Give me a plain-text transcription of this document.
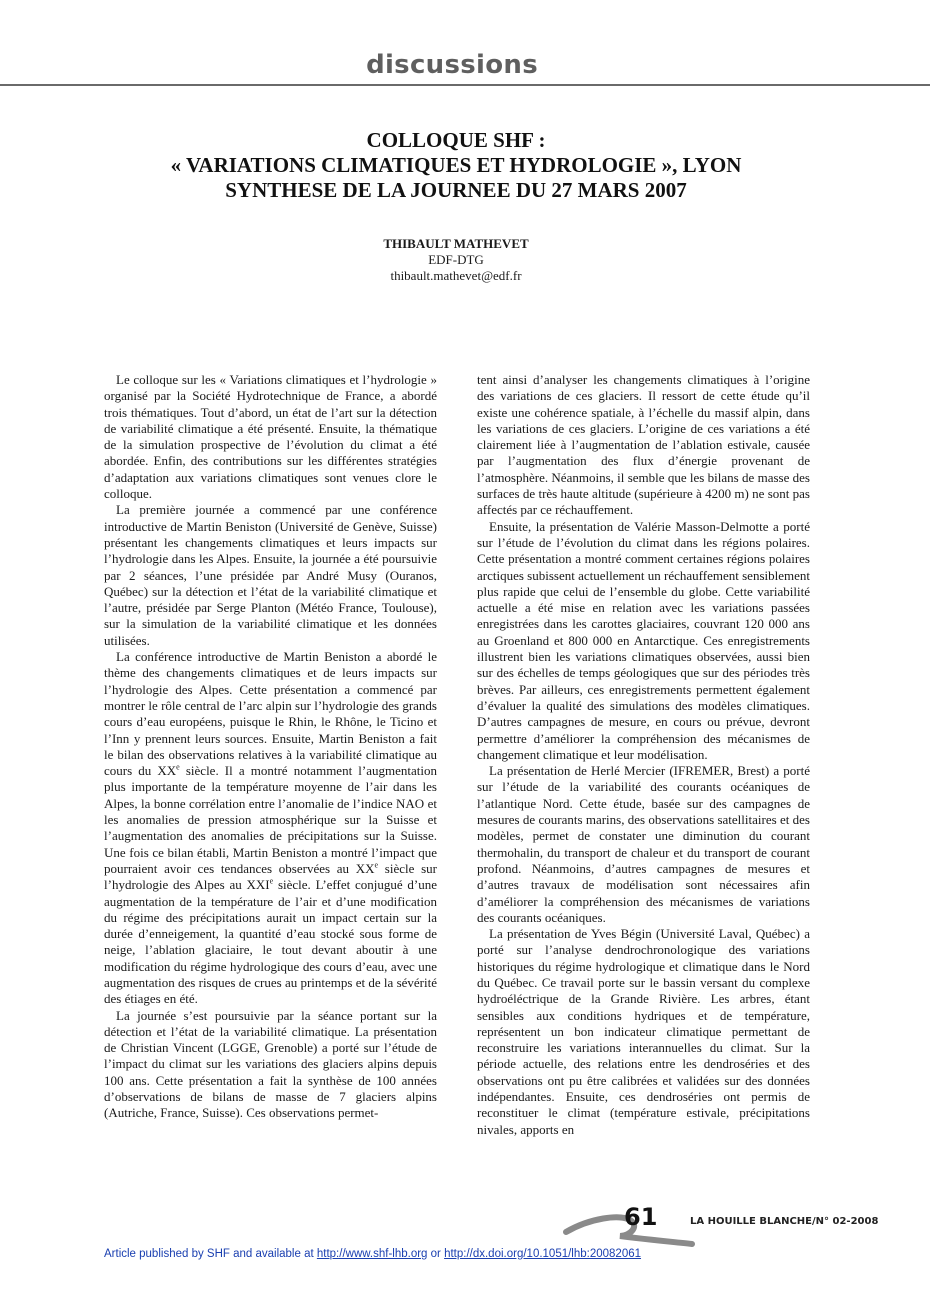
discussions
COLLOQUE SHF :
« VARIATIONS CLIMATIQUES ET HYDROLOGIE », LYON
SYNTHESE DE LA JOURNEE DU 27 MARS 2007
THIBAULT MATHEVET
EDF-DTG
thibault.mathevet@edf.fr

Le colloque sur les « Variations climatiques et l’hydrologie » organisé par la Société Hydrotechnique de France, a abordé trois thématiques. Tout d’abord, un état de l’art sur la détection de variabilité climatique a été présenté. Ensuite, la thématique de la simulation prospective de l’évolution du climat a été abordée. Enfin, des contributions sur les différentes stratégies d’adaptation aux variations climatiques sont venues clore le colloque.

La première journée a commencé par une conférence introductive de Martin Beniston (Université de Genève, Suisse) présentant les changements climatiques et leurs impacts sur l’hydrologie dans les Alpes. Ensuite, la journée a été poursuivie par 2 séances, l’une présidée par André Musy (Ouranos, Québec) sur la détection et l’état de la variabilité climatique et l’autre, présidée par Serge Planton (Météo France, Toulouse), sur la simulation de la variabilité climatique et les données utilisées.

La conférence introductive de Martin Beniston a abordé le thème des changements climatiques et de leurs impacts sur l’hydrologie des Alpes. Cette présentation a commencé par montrer le rôle central de l’arc alpin sur l’hydrologie des grands cours d’eau européens, puisque le Rhin, le Rhône, le Ticino et l’Inn y prennent leurs sources. Ensuite, Martin Beniston a fait le bilan des observations relatives à la variabilité climatique au cours du XXe siècle. Il a montré notamment l’augmentation plus importante de la température moyenne de l’air dans les Alpes, la bonne corrélation entre l’anomalie de l’indice NAO et les anomalies de pression atmosphérique sur la Suisse et l’augmentation des anomalies de précipitations sur la Suisse. Une fois ce bilan établi, Martin Beniston a montré l’impact que pourraient avoir ces tendances observées au XXe siècle sur l’hydrologie des Alpes au XXIe siècle. L’effet conjugué d’une augmentation de la température de l’air et d’une modification du régime des précipitations aurait un impact certain sur la durée d’enneigement, la quantité d’eau stocké sous forme de neige, l’ablation glaciaire, le tout devant aboutir à une modification du régime hydrologique des cours d’eau, avec une augmentation des risques de crues au printemps et de la sévérité des étiages en été.

La journée s’est poursuivie par la séance portant sur la détection et l’état de la variabilité climatique. La présentation de Christian Vincent (LGGE, Grenoble) a porté sur l’étude de l’impact du climat sur les variations des glaciers alpins depuis 100 ans. Cette présentation a fait la synthèse de 100 années d’observations de bilans de masse de 7 glaciers alpins (Autriche, France, Suisse). Ces observations permet-

tent ainsi d’analyser les changements climatiques à l’origine des variations de ces glaciers. Il ressort de cette étude qu’il existe une cohérence spatiale, à l’échelle du massif alpin, dans les variations de ces glaciers. L’origine de ces variations a été clairement liée à l’augmentation de l’ablation estivale, causée par l’augmentation des flux d’énergie provenant de l’atmosphère. Néanmoins, il semble que les bilans de masse des surfaces de très haute altitude (supérieure à 4200 m) ne sont pas affectés par ce réchauffement.

Ensuite, la présentation de Valérie Masson-Delmotte a porté sur l’étude de l’évolution du climat dans les régions polaires. Cette présentation a montré comment certaines régions polaires arctiques subissent actuellement un réchauffement sensiblement plus rapide que celui de l’ensemble du globe. Cette variabilité actuelle a été mise en relation avec les variations passées enregistrées dans les carottes glaciaires, couvrant 120 000 ans au Groenland et 800 000 en Antarctique. Ces enregistrements illustrent bien les variations climatiques observées, aussi bien sur des échelles de temps géologiques que sur des périodes très brèves. Par ailleurs, ces enregistrements permettent également d’évaluer la qualité des simulations des modèles climatiques. D’autres campagnes de mesure, en cours ou prévue, devront permettre d’améliorer la compréhension des mécanismes de changement climatique et leur modélisation.

La présentation de Herlé Mercier (IFREMER, Brest) a porté sur l’étude de la variabilité des courants océaniques de l’atlantique Nord. Cette étude, basée sur des campagnes de mesures de courants marins, des observations satellitaires et des modèles, permet de constater une diminution du courant thermohalin, du transport de chaleur et du transport de courant profond. Néanmoins, d’autres campagnes de mesures et d’autres travaux de modélisation sont nécessaires afin d’améliorer la compréhension des mécanismes de variations des courants océaniques.

La présentation de Yves Bégin (Université Laval, Québec) a porté sur l’analyse dendrochronologique des variations historiques du régime hydrologique et climatique dans le Nord du Québec. Ce travail porte sur le bassin versant du complexe hydroéléctrique de la Grande Rivière. Les arbres, étant sensibles aux conditions hydriques et de température, représentent un bon indicateur climatique permettant de reconstruire les variations interannuelles du climat. Sur la période actuelle, des relations entre les dendroséries et des observations ont pu être calibrées et validées sur des données indépendantes. Ensuite, ces dendroséries ont permis de reconstituer le climat (température estivale, précipitations nivales, apports en

61	LA HOUILLE BLANCHE/N° 02-2008
Article published by SHF and available at http://www.shf-lhb.org or http://dx.doi.org/10.1051/lhb:20082061
